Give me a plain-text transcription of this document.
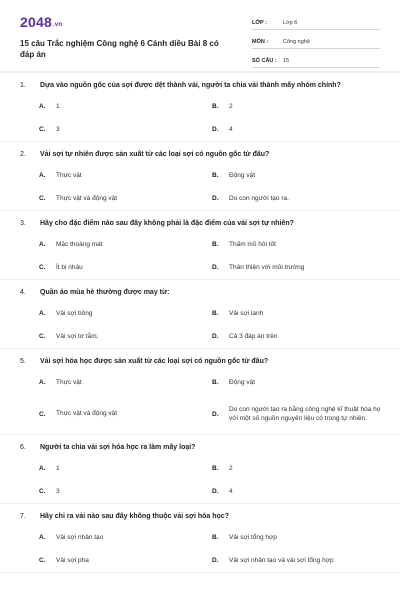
2048.vn
15 câu Trắc nghiệm Công nghệ 6 Cánh diều Bài 8 có đáp án
LỚP :	Lớp 6
MÔN :	Công nghệ
SỐ CÂU :	15
1.	Dựa vào nguồn gốc của sợi được dệt thành vải, người ta chia vải thành mấy nhóm chính?
A.	1	B.	2
C.	3	D.	4
2.	Vải sợi tự nhiên được sản xuất từ các loại sợi có nguồn gốc từ đâu?
A.	Thực vật	B.	Động vật
C.	Thực vật và động vật	D.	Do con người tạo ra.
3.	Hãy cho đặc điểm nào sau đây không phải là đặc điểm của vải sợi tự nhiên?
A.	Mặc thoáng mát	B.	Thấm mồ hôi tốt
C.	Ít bị nhàu	D.	Thân thiện với môi trường
4.	Quần áo mùa hè thường được may từ:
A.	Vải sợi bông	B.	Vải sợi lanh
C.	Vải sợi tơ tằm.	D.	Cả 3 đáp án trên
5.	Vải sợi hóa học được sản xuất từ các loại sợi có nguồn gốc từ đâu?
A.	Thực vật	B.	Động vật
C.	Thực vật và động vật	D.
Do con người tạo ra bằng công nghệ kĩ thuật hóa họ với một số nguồn nguyên liệu có trong tự nhiên.
6.	Người ta chia vải sợi hóa học ra làm mấy loại?
A.	1	B.	2
C.	3	D.	4
7.	Hãy chỉ ra vải nào sau đây không thuộc vải sợi hóa học?
A.	Vải sợi nhân tạo	B.	Vải sợi tổng hợp
C.	Vải sợi pha	D.	Vải sợi nhân tạo và vải sợi tổng hợp
